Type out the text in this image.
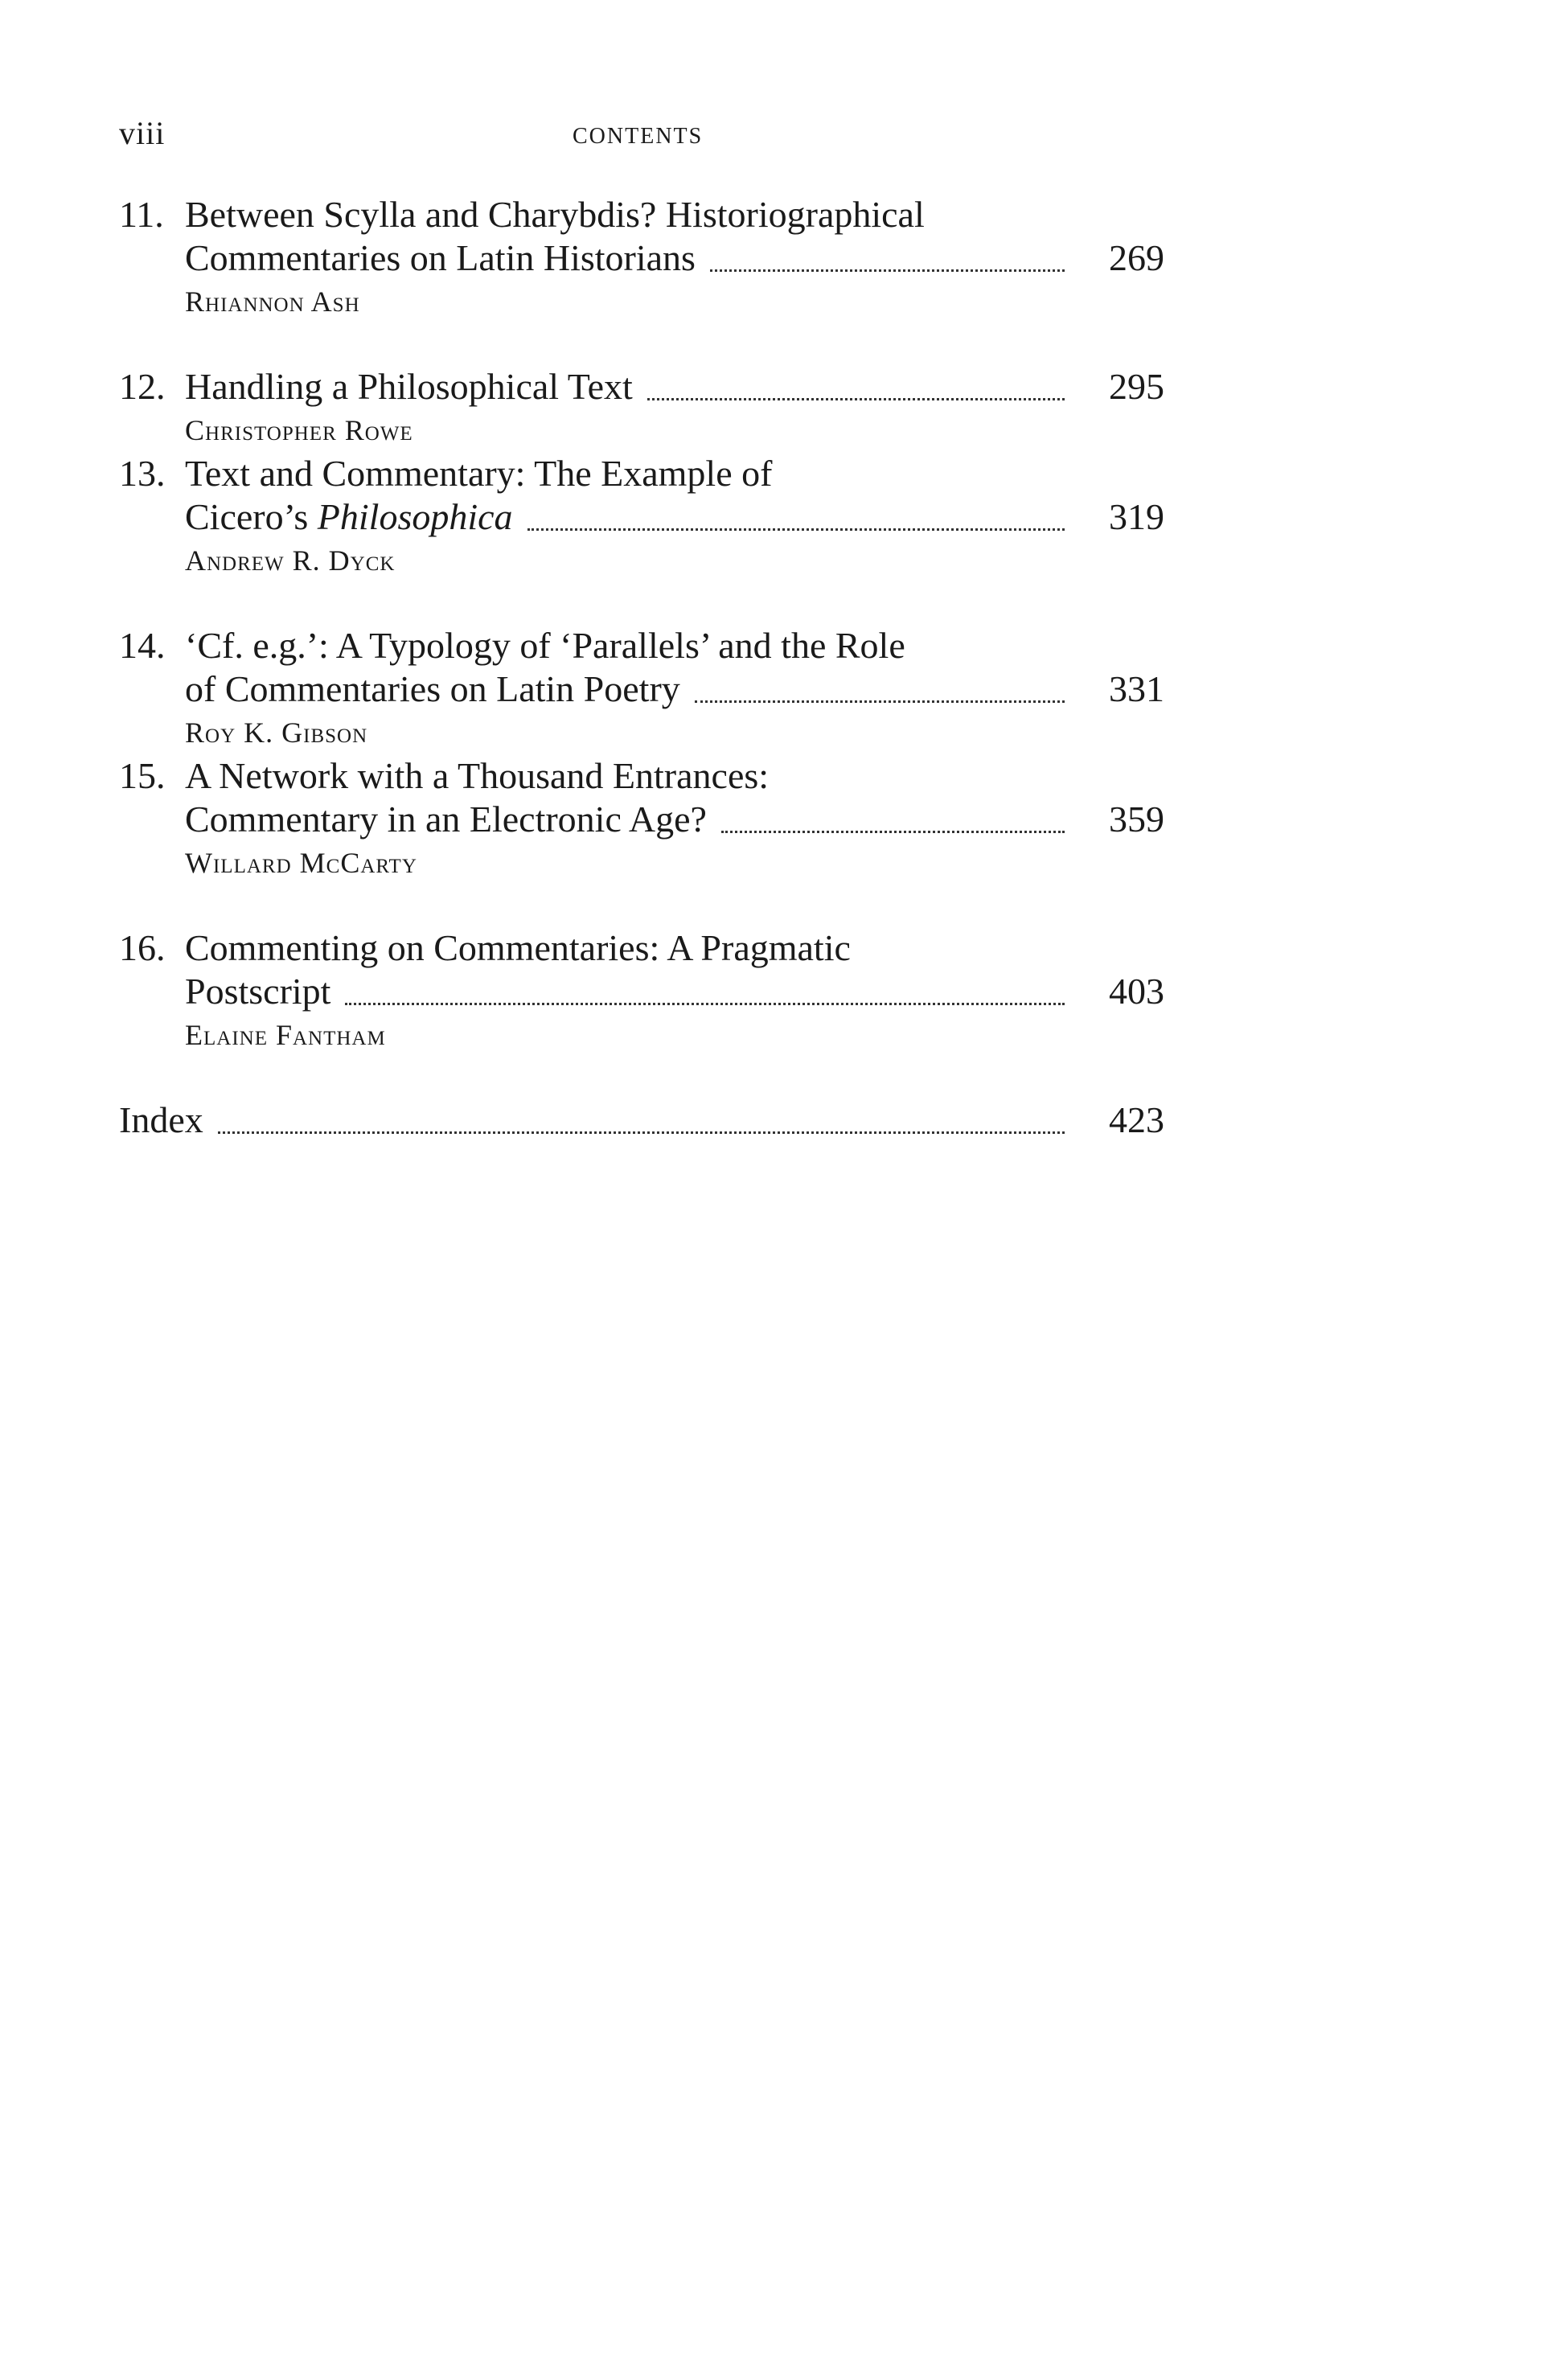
viii	CONTENTS
11. Between Scylla and Charybdis? Historiographical
Commentaries on Latin Historians	269
Rhiannon Ash
12. Handling a Philosophical Text	295
Christopher Rowe
13. Text and Commentary: The Example of
Cicero’s Philosophica	319
Andrew R. Dyck
14. ‘Cf. e.g.’: A Typology of ‘Parallels’ and the Role
of Commentaries on Latin Poetry	331
Roy K. Gibson
15. A Network with a Thousand Entrances:
Commentary in an Electronic Age?	359
Willard McCarty
16. Commenting on Commentaries: A Pragmatic
Postscript	403
Elaine Fantham
Index	423
